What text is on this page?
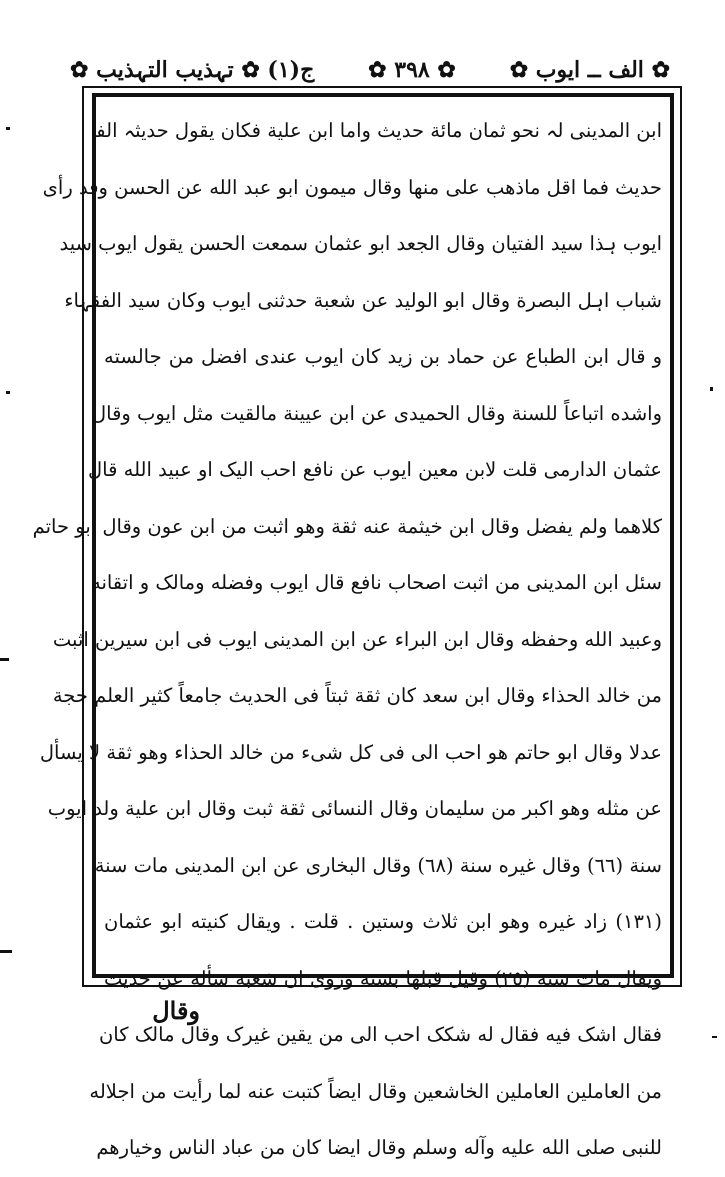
ج(١) ✿ تہذیب التہذیب ✿ ✿ ٣٩٨ ✿ ✿ الف ــ ایوب ✿
ابن المدینی لہ نحو ثمان مائة حدیث واما ابن علیة فکان یقول حدیثہ الفا
حدیث فما اقل ماذهب علی منها وقال میمون ابو عبد الله عن الحسن وقد رأی
ایوب ہذا سید الفتیان وقال الجعد ابو عثمان سمعت الحسن یقول ایوب سید
شباب اہل البصرة وقال ابو الولید عن شعبة حدثنی ایوب وکان سید الفقہاء
و قال ابن الطباع عن حماد بن زید کان ایوب عندی افضل من جالسته
واشده اتباعاً للسنة وقال الحمیدی عن ابن عیینة مالقیت مثل ایوب وقال
عثمان الدارمی قلت لابن معین ایوب عن نافع احب الیک او عبید الله قال
کلاهما ولم یفضل وقال ابن خیثمة عنه ثقة وهو اثبت من ابن عون وقال ابو حاتم
سئل ابن المدینی من اثبت اصحاب نافع قال ایوب وفضله ومالک و اتقانه
وعبید الله وحفظه وقال ابن البراء عن ابن المدینی ایوب فی ابن سیرین اثبت
من خالد الحذاء وقال ابن سعد کان ثقة ثبتاً فی الحدیث جامعاً کثیر العلم حجة
عدلا وقال ابو حاتم هو احب الی فی کل شیء من خالد الحذاء وهو ثقة لا یسأل
عن مثله وهو اکبر من سلیمان وقال النسائی ثقة ثبت وقال ابن علیة ولد ایوب
سنة (٦٦) وقال غیره سنة (٦٨) وقال البخاری عن ابن المدینی مات سنة
(١٣١) زاد غیره وهو ابن ثلاث وستین . قلت . ویقال کنیته ابو عثمان
ویقال مات سنة (٢٥) وقیل قبلها بسنة وروی ان شعبة سأله عن حدیث
فقال اشک فیه فقال له شکک احب الی من یقین غیرک وقال مالک کان
من العاملین العاملین الخاشعین وقال ایضاً کتبت عنه لما رأیت من اجلاله
للنبی صلی الله علیه وآله وسلم وقال ایضا کان من عباد الناس وخیارهم
وقال
